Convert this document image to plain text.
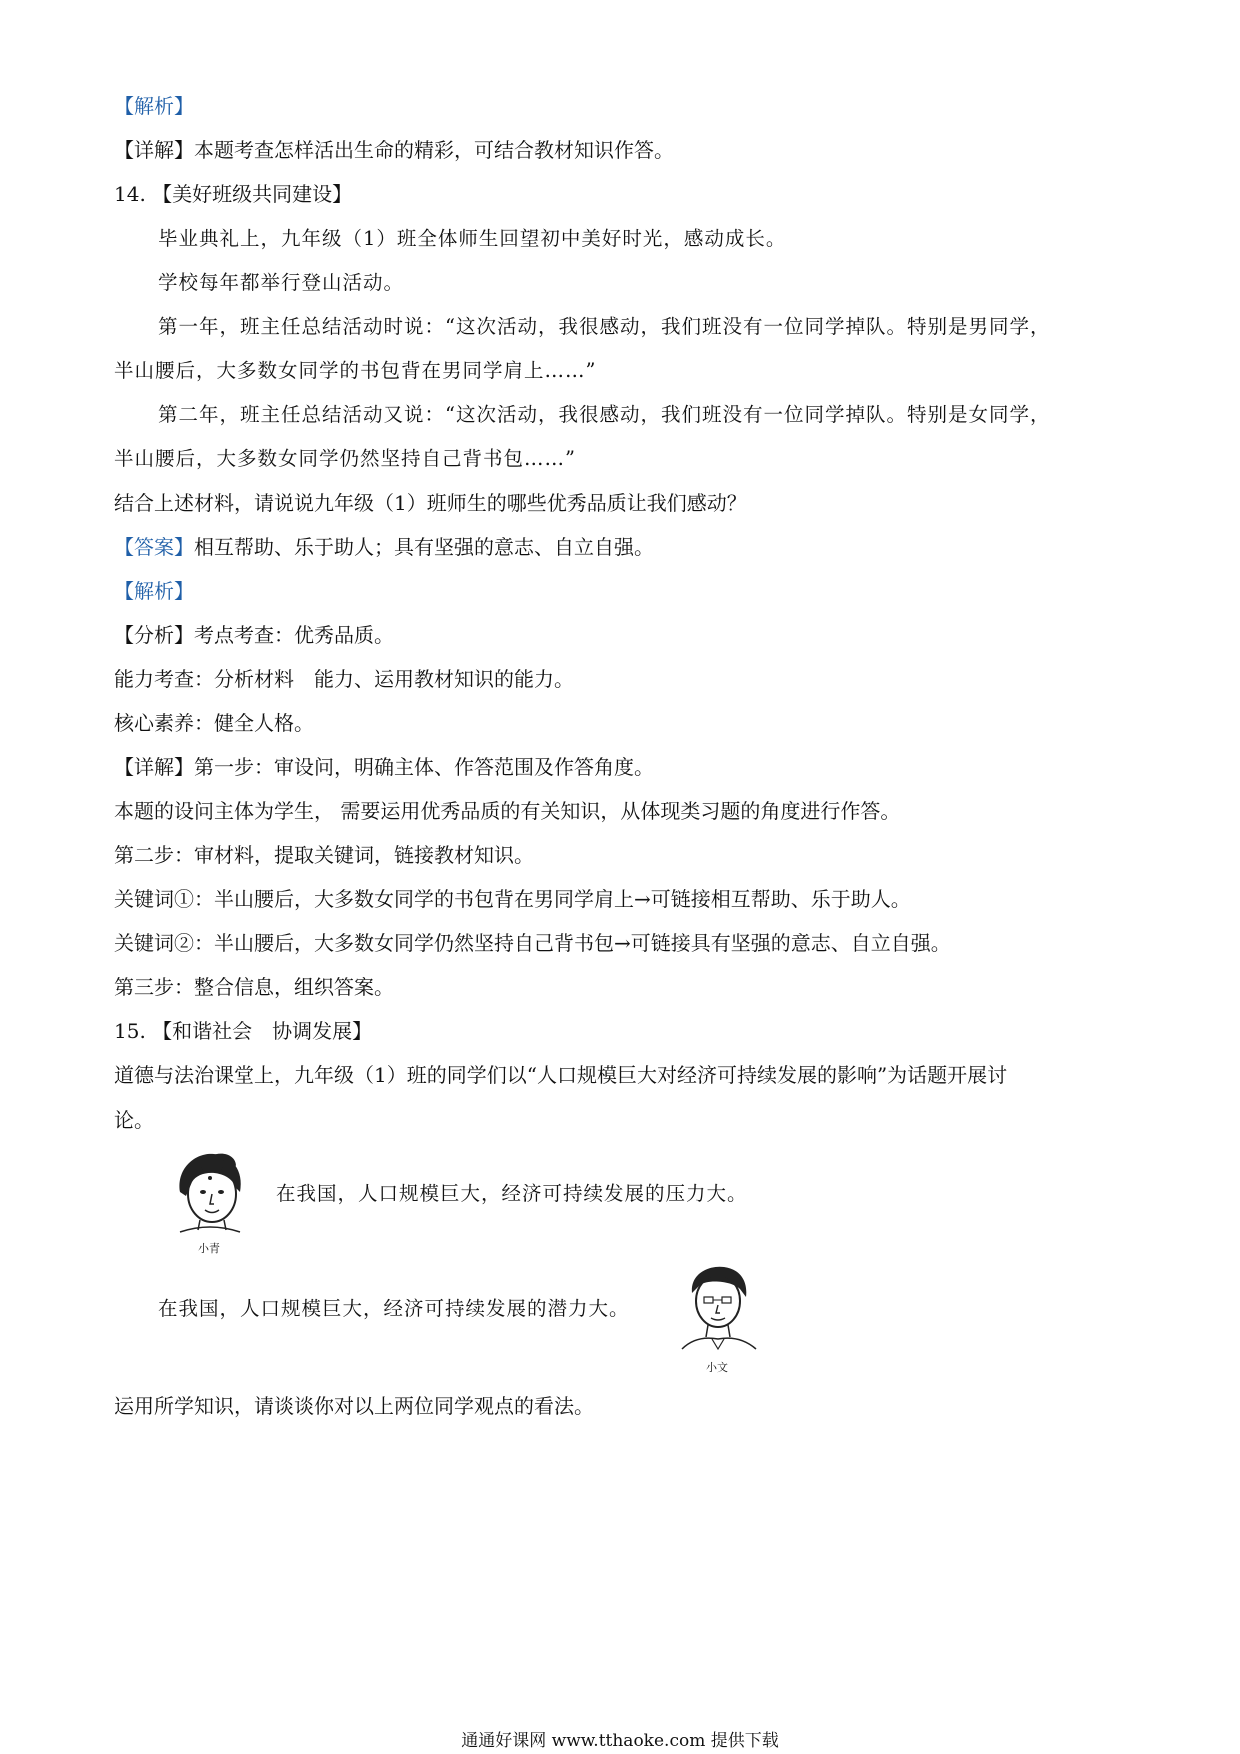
【解析】
【详解】本题考查怎样活出生命的精彩，可结合教材知识作答。
14. 【美好班级共同建设】
毕业典礼上，九年级（1）班全体师生回望初中美好时光，感动成长。
学校每年都举行登山活动。
第一年，班主任总结活动时说：“这次活动，我很感动，我们班没有一位同学掉队。特别是男同学，
半山腰后，大多数女同学的书包背在男同学肩上……”
第二年，班主任总结活动又说：“这次活动，我很感动，我们班没有一位同学掉队。特别是女同学，
半山腰后，大多数女同学仍然坚持自己背书包……”
结合上述材料，请说说九年级（1）班师生的哪些优秀品质让我们感动？
【答案】相互帮助、乐于助人；具有坚强的意志、自立自强。
【解析】
【分析】考点考查：优秀品质。
能力考查：分析材料　能力、运用教材知识的能力。
核心素养：健全人格。
【详解】第一步：审设问，明确主体、作答范围及作答角度。
本题的设问主体为学生， 需要运用优秀品质的有关知识，从体现类习题的角度进行作答。
第二步：审材料，提取关键词，链接教材知识。
关键词①：半山腰后，大多数女同学的书包背在男同学肩上→可链接相互帮助、乐于助人。
关键词②：半山腰后，大多数女同学仍然坚持自己背书包→可链接具有坚强的意志、自立自强。
第三步：整合信息，组织答案。
15. 【和谐社会　协调发展】
道德与法治课堂上，九年级（1）班的同学们以“人口规模巨大对经济可持续发展的影响”为话题开展讨
论。
小青
在我国，人口规模巨大，经济可持续发展的压力大。
在我国，人口规模巨大，经济可持续发展的潜力大。
小文
运用所学知识，请谈谈你对以上两位同学观点的看法。
通通好课网 www.tthaoke.com 提供下载
